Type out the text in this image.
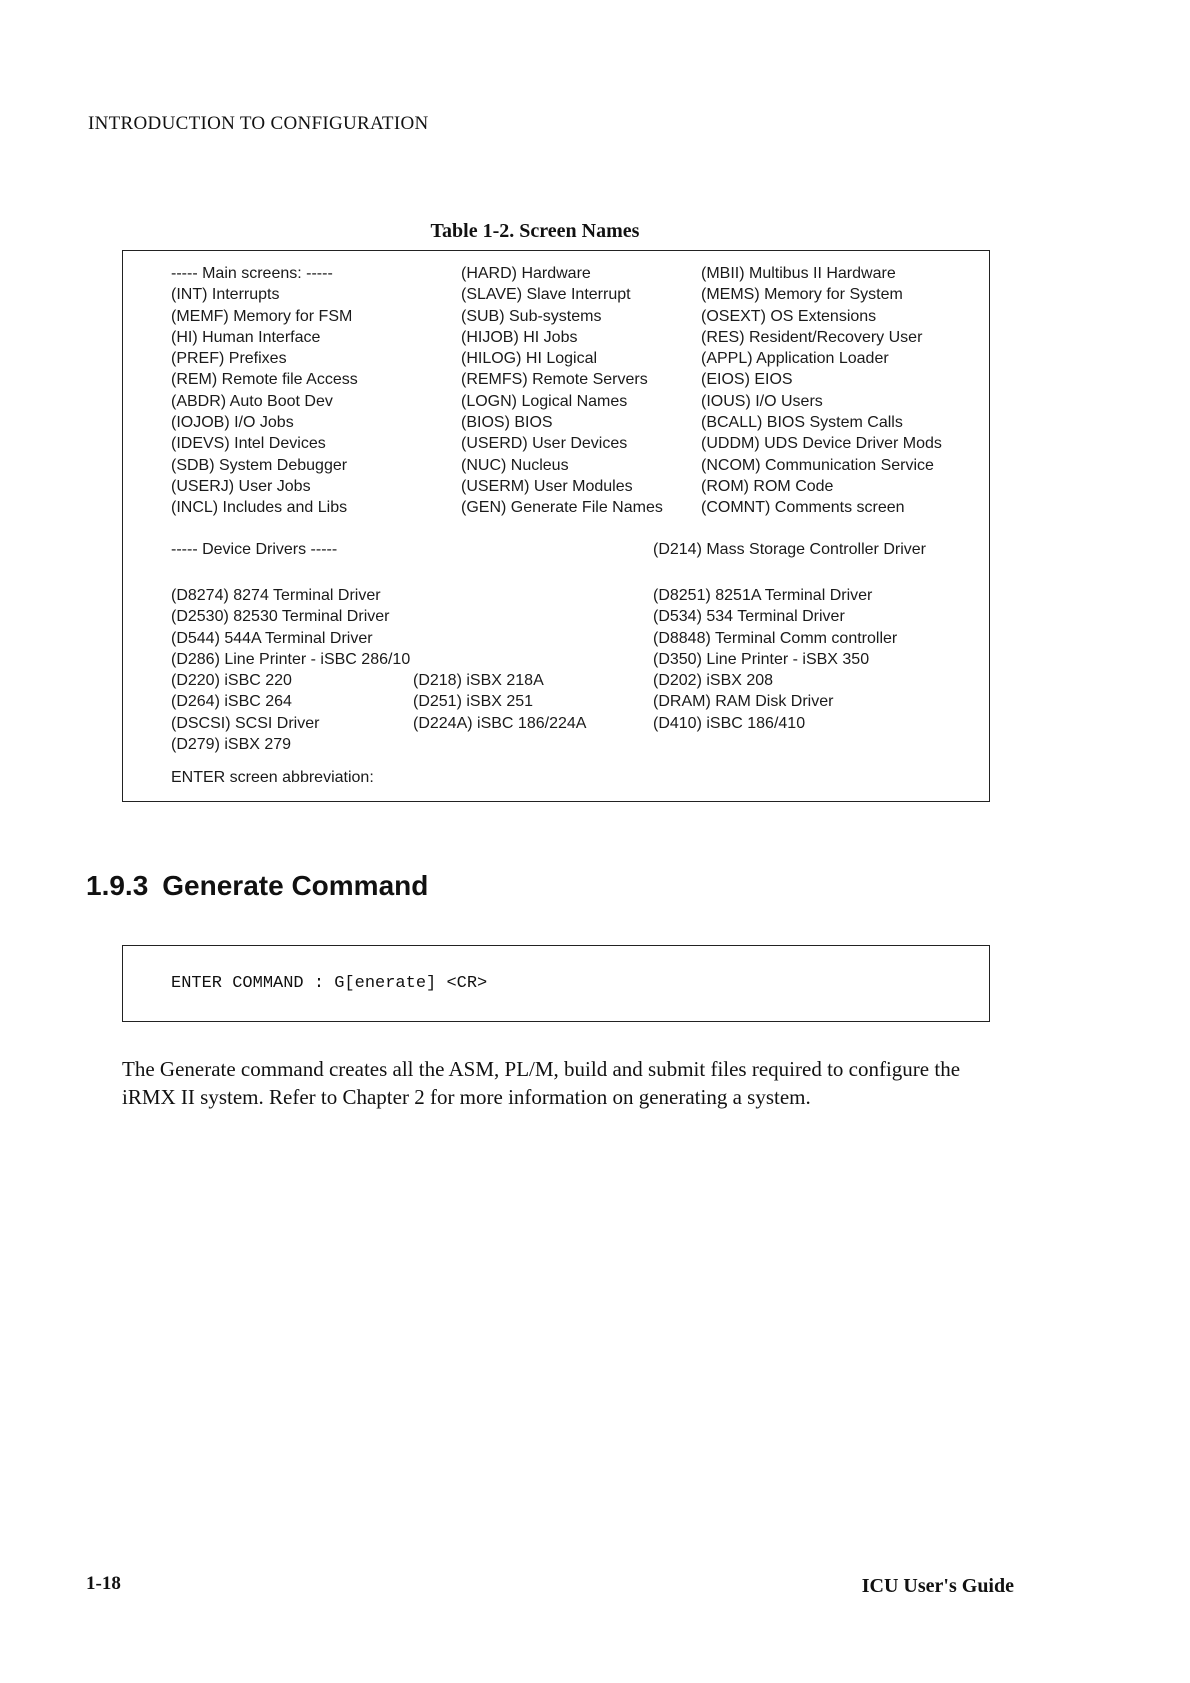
INTRODUCTION TO CONFIGURATION
Table 1-2. Screen Names
----- Main screens: -----
(INT) Interrupts
(MEMF) Memory for FSM
(HI) Human Interface
(PREF) Prefixes
(REM) Remote file Access
(ABDR) Auto Boot Dev
(IOJOB) I/O Jobs
(IDEVS) Intel Devices
(SDB) System Debugger
(USERJ) User Jobs
(INCL) Includes and Libs
(HARD) Hardware
(SLAVE) Slave Interrupt
(SUB) Sub-systems
(HIJOB) HI Jobs
(HILOG) HI Logical
(REMFS) Remote Servers
(LOGN) Logical Names
(BIOS) BIOS
(USERD) User Devices
(NUC) Nucleus
(USERM) User Modules
(GEN) Generate File Names
(MBII) Multibus II Hardware
(MEMS) Memory for System
(OSEXT) OS Extensions
(RES) Resident/Recovery User
(APPL) Application Loader
(EIOS) EIOS
(IOUS) I/O Users
(BCALL) BIOS System Calls
(UDDM) UDS Device Driver Mods
(NCOM) Communication Service
(ROM) ROM Code
(COMNT) Comments screen
----- Device Drivers -----	(D214) Mass Storage Controller Driver
(D8274) 8274 Terminal Driver
(D2530) 82530 Terminal Driver
(D544) 544A Terminal Driver
(D286) Line Printer - iSBC 286/10
(D220) iSBC 220
(D264) iSBC 264
(DSCSI) SCSI Driver
(D279) iSBX 279
(D218) iSBX 218A
(D251) iSBX 251
(D224A) iSBC 186/224A
(D8251) 8251A Terminal Driver
(D534) 534 Terminal Driver
(D8848) Terminal Comm controller
(D350) Line Printer - iSBX 350
(D202) iSBX 208
(DRAM) RAM Disk Driver
(D410) iSBC 186/410
ENTER screen abbreviation:
1.9.3 Generate Command
ENTER COMMAND : G[enerate] <CR>
The Generate command creates all the ASM, PL/M, build and submit files required to configure the iRMX II system. Refer to Chapter 2 for more information on generating a system.
1-18	ICU User's Guide
